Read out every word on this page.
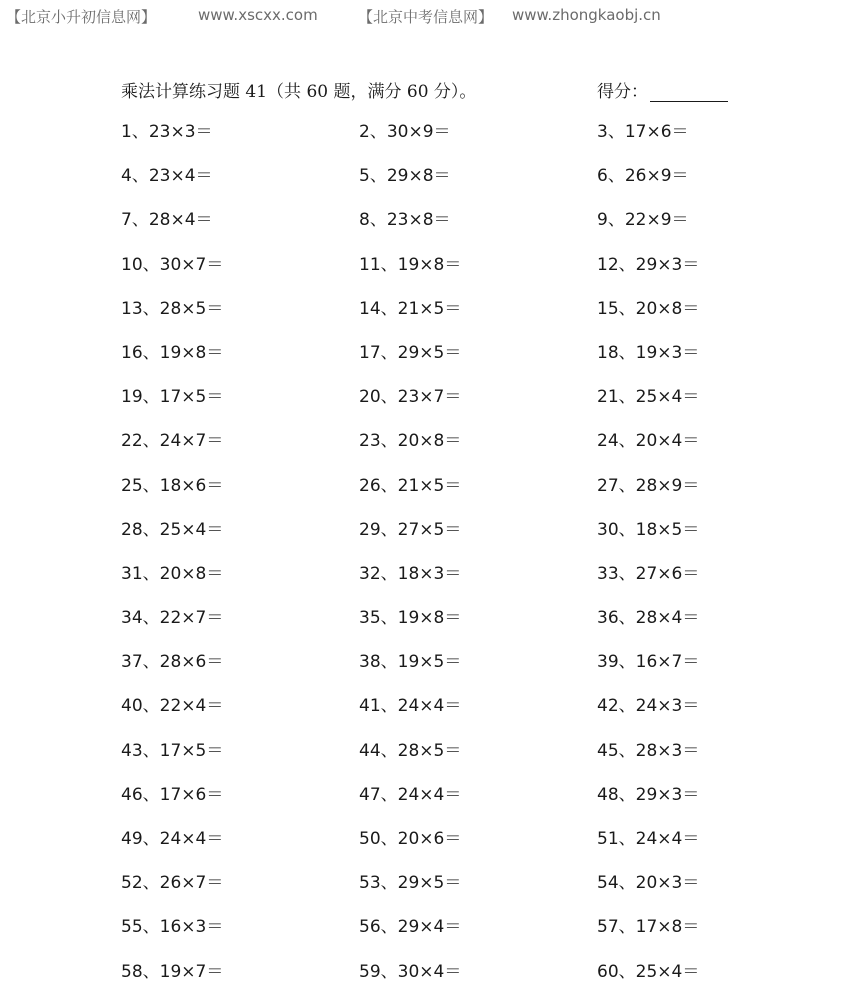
【北京小升初信息网】	www.xscxx.com	【北京中考信息网】 www.zhongkaobj.cn
乘法计算练习题 41（共 60 题，满分 60 分）。	得分：
1、23×3＝	2、30×9＝	3、17×6＝
4、23×4＝	5、29×8＝	6、26×9＝
7、28×4＝	8、23×8＝	9、22×9＝
10、30×7＝	11、19×8＝	12、29×3＝
13、28×5＝	14、21×5＝	15、20×8＝
16、19×8＝	17、29×5＝	18、19×3＝
19、17×5＝	20、23×7＝	21、25×4＝
22、24×7＝	23、20×8＝	24、20×4＝
25、18×6＝	26、21×5＝	27、28×9＝
28、25×4＝	29、27×5＝	30、18×5＝
31、20×8＝	32、18×3＝	33、27×6＝
34、22×7＝	35、19×8＝	36、28×4＝
37、28×6＝	38、19×5＝	39、16×7＝
40、22×4＝	41、24×4＝	42、24×3＝
43、17×5＝	44、28×5＝	45、28×3＝
46、17×6＝	47、24×4＝	48、29×3＝
49、24×4＝	50、20×6＝	51、24×4＝
52、26×7＝	53、29×5＝	54、20×3＝
55、16×3＝	56、29×4＝	57、17×8＝
58、19×7＝	59、30×4＝	60、25×4＝
